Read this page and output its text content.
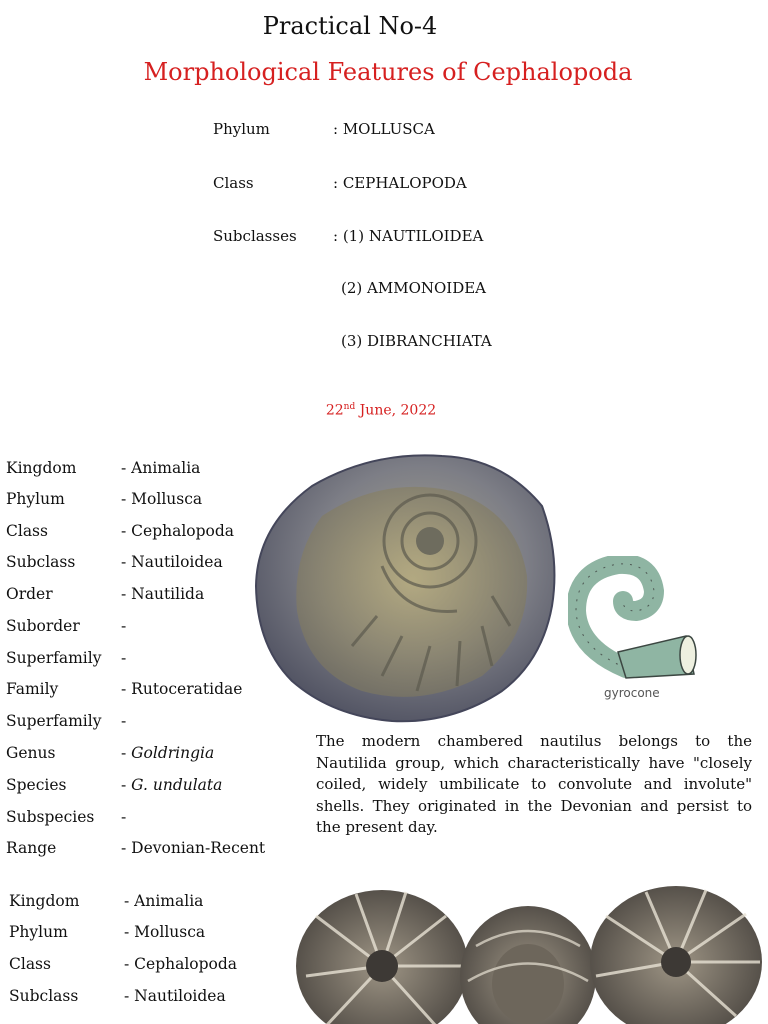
Practical No-4
Morphological Features of Cephalopoda
Phylum	: MOLLUSCA
Class	: CEPHALOPODA
Subclasses : (1) NAUTILOIDEA
(2) AMMONOIDEA
(3) DIBRANCHIATA
22nd June, 2022
Kingdom	- Animalia
Phylum	- Mollusca
Class	- Cephalopoda
Subclass	- Nautiloidea
Order	- Nautilida
Suborder	-
Superfamily -
Family	- Rutoceratidae
Superfamily -
Genus	- Goldringia
Species	- G. undulata
Subspecies -
Range	- Devonian-Recent
gyrocone
The modern chambered nautilus belongs to the Nautilida group, which characteristically have "closely coiled, widely umbilicate to convolute and involute" shells. They originated in the Devonian and persist to the present day.
Kingdom	- Animalia
Phylum	- Mollusca
Class	- Cephalopoda
Subclass	- Nautiloidea
